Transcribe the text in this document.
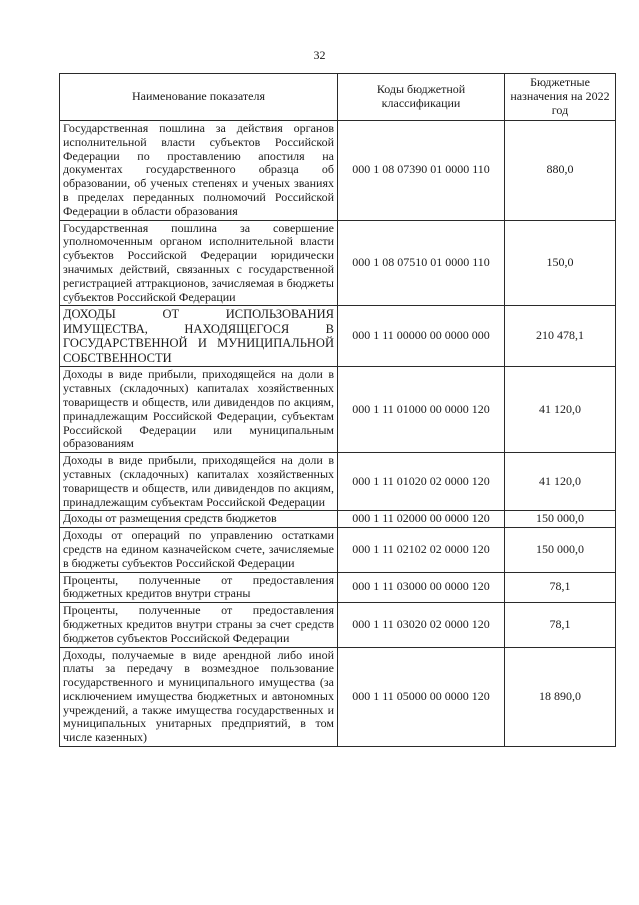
32
Наименование показателя	Коды бюджетной классификации	Бюджетные назначения на 2022 год
Государственная пошлина за действия органов исполнительной власти субъектов Российской Федерации по проставлению апостиля на документах государственного образца об образовании, об ученых степенях и ученых званиях в пределах переданных полномочий Российской Федерации в области образования	000 1 08 07390 01 0000 110	880,0
Государственная пошлина за совершение уполномоченным органом исполнительной власти субъектов Российской Федерации юридически значимых действий, связанных с государственной регистрацией аттракционов, зачисляемая в бюджеты субъектов Российской Федерации	000 1 08 07510 01 0000 110	150,0
ДОХОДЫ ОТ ИСПОЛЬЗОВАНИЯ ИМУЩЕСТВА, НАХОДЯЩЕГОСЯ В ГОСУДАРСТВЕННОЙ И МУНИЦИПАЛЬНОЙ СОБСТВЕННОСТИ	000 1 11 00000 00 0000 000	210 478,1
Доходы в виде прибыли, приходящейся на доли в уставных (складочных) капиталах хозяйственных товариществ и обществ, или дивидендов по акциям, принадлежащим Российской Федерации, субъектам Российской Федерации или муниципальным образованиям	000 1 11 01000 00 0000 120	41 120,0
Доходы в виде прибыли, приходящейся на доли в уставных (складочных) капиталах хозяйственных товариществ и обществ, или дивидендов по акциям, принадлежащим субъектам Российской Федерации	000 1 11 01020 02 0000 120	41 120,0
Доходы от размещения средств бюджетов	000 1 11 02000 00 0000 120	150 000,0
Доходы от операций по управлению остатками средств на едином казначейском счете, зачисляемые в бюджеты субъектов Российской Федерации	000 1 11 02102 02 0000 120	150 000,0
Проценты, полученные от предоставления бюджетных кредитов внутри страны	000 1 11 03000 00 0000 120	78,1
Проценты, полученные от предоставления бюджетных кредитов внутри страны за счет средств бюджетов субъектов Российской Федерации	000 1 11 03020 02 0000 120	78,1
Доходы, получаемые в виде арендной либо иной платы за передачу в возмездное пользование государственного и муниципального имущества (за исключением имущества бюджетных и автономных учреждений, а также имущества государственных и муниципальных унитарных предприятий, в том числе казенных)	000 1 11 05000 00 0000 120	18 890,0
